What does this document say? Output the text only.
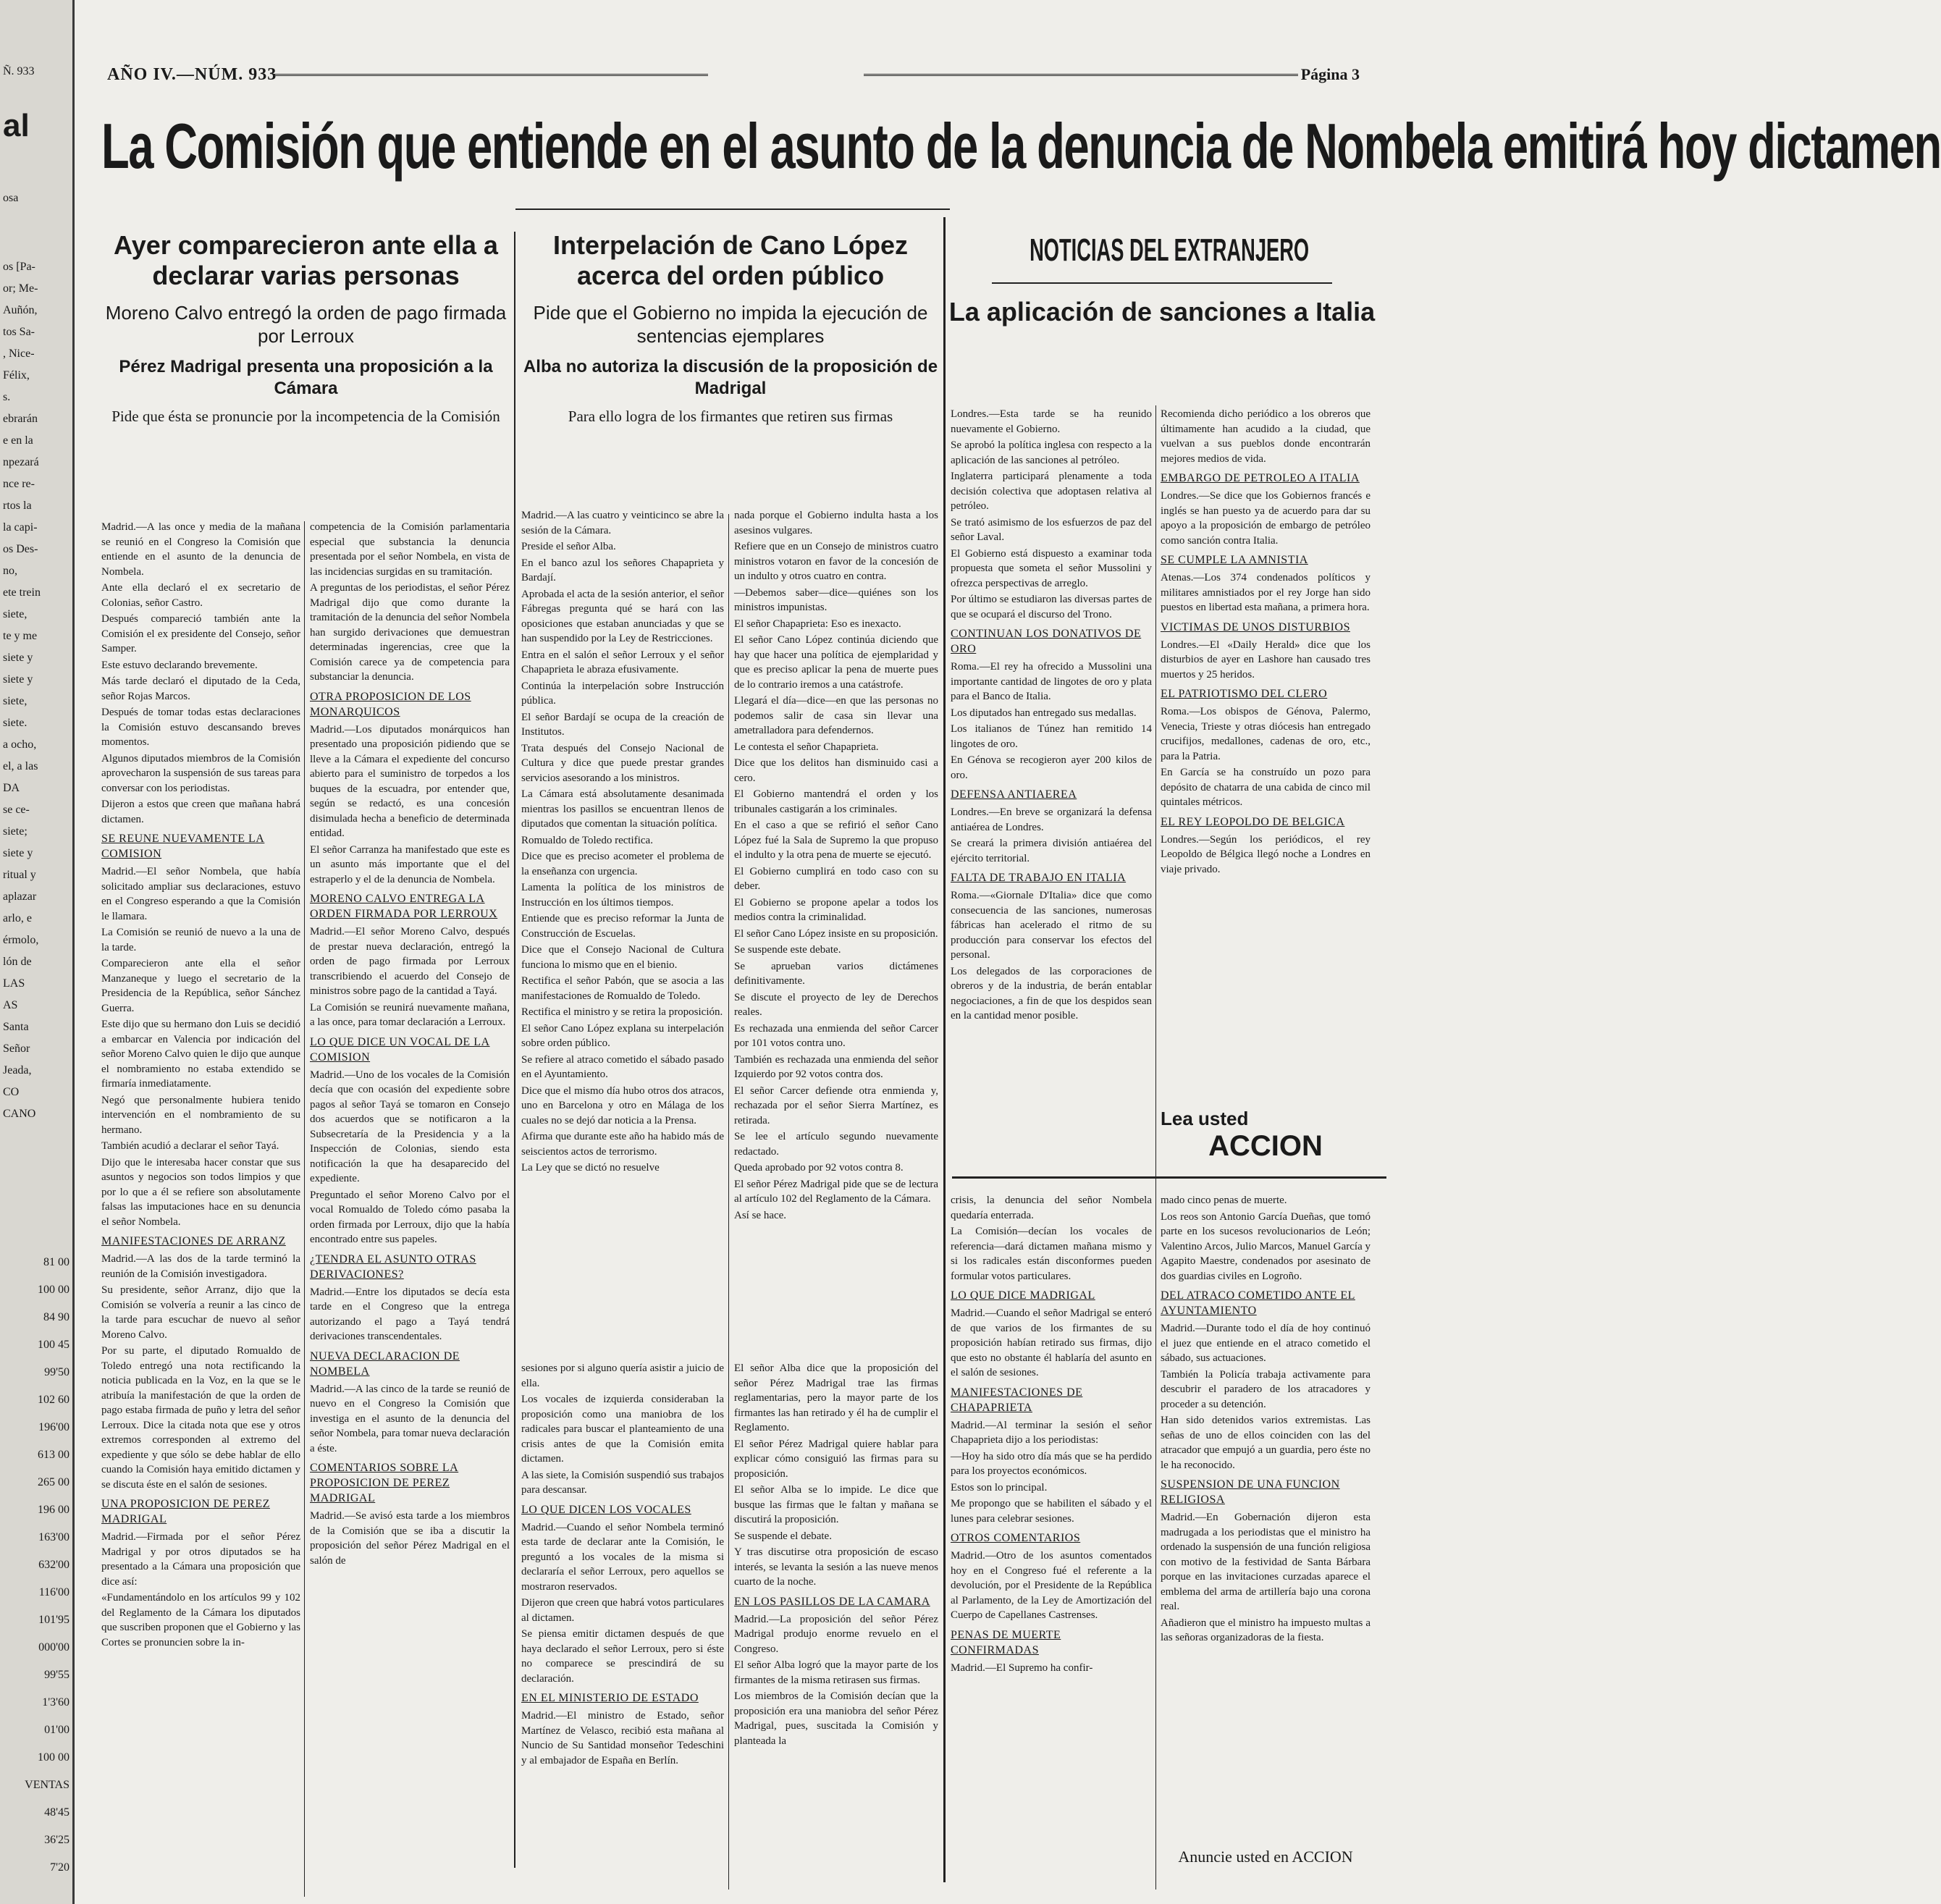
Ñ. 933
al
osa
os [Pa-
or; Me-
Auñón,
tos Sa-
, Nice-
Félix,
s.
ebrarán
e en la
npezará
nce re-
rtos la
la capi-
os Des-
no,
ete trein
siete,
te y me
siete y
siete y
siete,
siete.
a ocho,
el, a las
DA
se ce-
siete;
siete y
ritual y
aplazar
arlo, e
érmolo,
lón de
LAS
AS
Santa
Señor
Jeada,
CO
CANO
81 00
100 00
84 90
100 45
99'50
102 60
196'00
613 00
265 00
196 00
163'00
632'00
116'00
101'95
000'00
99'55
1'3'60
01'00
100 00
VENTAS
48'45
36'25
7'20
AÑO IV.—NÚM. 933	Página 3
La Comisión que entiende en el asunto de la denuncia de Nombela emitirá hoy dictamen
Ayer comparecieron ante ella a declarar varias personas
Moreno Calvo entregó la orden de pago firmada por Lerroux
Pérez Madrigal presenta una proposición a la Cámara
Pide que ésta se pronuncie por la incompetencia de la Comisión

Madrid.—A las once y media de la mañana se reunió en el Congreso la Comisión que entiende en el asunto de la denuncia de Nombela.

Ante ella declaró el ex secretario de Colonias, señor Castro.

Después compareció también ante la Comisión el ex presidente del Consejo, señor Samper.

Este estuvo declarando brevemente.

Más tarde declaró el diputado de la Ceda, señor Rojas Marcos.

Después de tomar todas estas declaraciones la Comisión estuvo descansando breves momentos.

Algunos diputados miembros de la Comisión aprovecharon la suspensión de sus tareas para conversar con los periodistas.

Dijeron a estos que creen que mañana habrá dictamen.

SE REUNE NUEVAMENTE LA COMISION

Madrid.—El señor Nombela, que había solicitado ampliar sus declaraciones, estuvo en el Congreso esperando a que la Comisión le llamara.

La Comisión se reunió de nuevo a la una de la tarde.

Comparecieron ante ella el señor Manzaneque y luego el secretario de la Presidencia de la República, señor Sánchez Guerra.

Este dijo que su hermano don Luis se decidió a embarcar en Valencia por indicación del señor Moreno Calvo quien le dijo que aunque el nombramiento no estaba extendido se firmaría inmediatamente.

Negó que personalmente hubiera tenido intervención en el nombramiento de su hermano.

También acudió a declarar el señor Tayá.

Dijo que le interesaba hacer constar que sus asuntos y negocios son todos limpios y que por lo que a él se refiere son absolutamente falsas las imputaciones hace en su denuncia el señor Nombela.

MANIFESTACIONES DE ARRANZ

Madrid.—A las dos de la tarde terminó la reunión de la Comisión investigadora.

Su presidente, señor Arranz, dijo que la Comisión se volvería a reunir a las cinco de la tarde para escuchar de nuevo al señor Moreno Calvo.

Por su parte, el diputado Romualdo de Toledo entregó una nota rectificando la noticia publicada en la Voz, en la que se le atribuía la manifestación de que la orden de pago estaba firmada de puño y letra del señor Lerroux. Dice la citada nota que ese y otros extremos corresponden al extremo del expediente y que sólo se debe hablar de ello cuando la Comisión haya emitido dictamen y se discuta éste en el salón de sesiones.

UNA PROPOSICION DE PEREZ MADRIGAL

Madrid.—Firmada por el señor Pérez Madrigal y por otros diputados se ha presentado a la Cámara una proposición que dice así:

«Fundamentándolo en los artículos 99 y 102 del Reglamento de la Cámara los diputados que suscriben proponen que el Gobierno y las Cortes se pronuncien sobre la in-

competencia de la Comisión parlamentaria especial que substancia la denuncia presentada por el señor Nombela, en vista de las incidencias surgidas en su tramitación.

A preguntas de los periodistas, el señor Pérez Madrigal dijo que como durante la tramitación de la denuncia del señor Nombela han surgido derivaciones que demuestran determinadas ingerencias, cree que la Comisión carece ya de competencia para substanciar la denuncia.

OTRA PROPOSICION DE LOS MONARQUICOS

Madrid.—Los diputados monárquicos han presentado una proposición pidiendo que se lleve a la Cámara el expediente del concurso abierto para el suministro de torpedos a los buques de la escuadra, por entender que, según se redactó, es una concesión disimulada hecha a beneficio de determinada entidad.

El señor Carranza ha manifestado que este es un asunto más importante que el del estraperlo y el de la denuncia de Nombela.

MORENO CALVO ENTREGA LA ORDEN FIRMADA POR LERROUX

Madrid.—El señor Moreno Calvo, después de prestar nueva declaración, entregó la orden de pago firmada por Lerroux transcribiendo el acuerdo del Consejo de ministros sobre pago de la cantidad a Tayá.

La Comisión se reunirá nuevamente mañana, a las once, para tomar declaración a Lerroux.

LO QUE DICE UN VOCAL DE LA COMISION

Madrid.—Uno de los vocales de la Comisión decía que con ocasión del expediente sobre pagos al señor Tayá se tomaron en Consejo dos acuerdos que se notificaron a la Subsecretaría de la Presidencia y a la Inspección de Colonias, siendo esta notificación la que ha desaparecido del expediente.

Preguntado el señor Moreno Calvo por el vocal Romualdo de Toledo cómo pasaba la orden firmada por Lerroux, dijo que la había encontrado entre sus papeles.

¿TENDRA EL ASUNTO OTRAS DERIVACIONES?

Madrid.—Entre los diputados se decía esta tarde en el Congreso que la entrega autorizando el pago a Tayá tendrá derivaciones transcendentales.

NUEVA DECLARACION DE NOMBELA

Madrid.—A las cinco de la tarde se reunió de nuevo en el Congreso la Comisión que investiga en el asunto de la denuncia del señor Nombela, para tomar nueva declaración a éste.

COMENTARIOS SOBRE LA PROPOSICION DE PEREZ MADRIGAL

Madrid.—Se avisó esta tarde a los miembros de la Comisión que se iba a discutir la proposición del señor Pérez Madrigal en el salón de

Interpelación de Cano López acerca del orden público
Pide que el Gobierno no impida la ejecución de sentencias ejemplares
Alba no autoriza la discusión de la proposición de Madrigal
Para ello logra de los firmantes que retiren sus firmas

Madrid.—A las cuatro y veinticinco se abre la sesión de la Cámara.

Preside el señor Alba.

En el banco azul los señores Chapaprieta y Bardají.

Aprobada el acta de la sesión anterior, el señor Fábregas pregunta qué se hará con las oposiciones que estaban anunciadas y que se han suspendido por la Ley de Restricciones.

Entra en el salón el señor Lerroux y el señor Chapaprieta le abraza efusivamente.

Continúa la interpelación sobre Instrucción pública.

El señor Bardají se ocupa de la creación de Institutos.

Trata después del Consejo Nacional de Cultura y dice que puede prestar grandes servicios asesorando a los ministros.

La Cámara está absolutamente desanimada mientras los pasillos se encuentran llenos de diputados que comentan la situación política.

Romualdo de Toledo rectifica.

Dice que es preciso acometer el problema de la enseñanza con urgencia.

Lamenta la política de los ministros de Instrucción en los últimos tiempos.

Entiende que es preciso reformar la Junta de Construcción de Escuelas.

Dice que el Consejo Nacional de Cultura funciona lo mismo que en el bienio.

Rectifica el señor Pabón, que se asocia a las manifestaciones de Romualdo de Toledo.

Rectifica el ministro y se retira la proposición.

El señor Cano López explana su interpelación sobre orden público.

Se refiere al atraco cometido el sábado pasado en el Ayuntamiento.

Dice que el mismo día hubo otros dos atracos, uno en Barcelona y otro en Málaga de los cuales no se dejó dar noticia a la Prensa.

Afirma que durante este año ha habido más de seiscientos actos de terrorismo.

La Ley que se dictó no resuelve

nada porque el Gobierno indulta hasta a los asesinos vulgares.

Refiere que en un Consejo de ministros cuatro ministros votaron en favor de la concesión de un indulto y otros cuatro en contra.

—Debemos saber—dice—quiénes son los ministros impunistas.

El señor Chapaprieta: Eso es inexacto.

El señor Cano López continúa diciendo que hay que hacer una política de ejemplaridad y que es preciso aplicar la pena de muerte pues de lo contrario iremos a una catástrofe.

Llegará el día—dice—en que las personas no podemos salir de casa sin llevar una ametralladora para defendernos.

Le contesta el señor Chapaprieta.

Dice que los delitos han disminuido casi a cero.

El Gobierno mantendrá el orden y los tribunales castigarán a los criminales.

En el caso a que se refirió el señor Cano López fué la Sala de Supremo la que propuso el indulto y la otra pena de muerte se ejecutó.

El Gobierno cumplirá en todo caso con su deber.

El Gobierno se propone apelar a todos los medios contra la criminalidad.

El señor Cano López insiste en su proposición.

Se suspende este debate.

Se aprueban varios dictámenes definitivamente.

Se discute el proyecto de ley de Derechos reales.

Es rechazada una enmienda del señor Carcer por 101 votos contra uno.

También es rechazada una enmienda del señor Izquierdo por 92 votos contra dos.

El señor Carcer defiende otra enmienda y, rechazada por el señor Sierra Martínez, es retirada.

Se lee el artículo segundo nuevamente redactado.

Queda aprobado por 92 votos contra 8.

El señor Pérez Madrigal pide que se de lectura al artículo 102 del Reglamento de la Cámara.

Así se hace.

sesiones por si alguno quería asistir a juicio de ella.

Los vocales de izquierda consideraban la proposición como una maniobra de los radicales para buscar el planteamiento de una crisis antes de que la Comisión emita dictamen.

A las siete, la Comisión suspendió sus trabajos para descansar.

LO QUE DICEN LOS VOCALES

Madrid.—Cuando el señor Nombela terminó esta tarde de declarar ante la Comisión, le preguntó a los vocales de la misma si declararía el señor Lerroux, pero aquellos se mostraron reservados.

Dijeron que creen que habrá votos particulares al dictamen.

Se piensa emitir dictamen después de que haya declarado el señor Lerroux, pero si éste no comparece se prescindirá de su declaración.

EN EL MINISTERIO DE ESTADO

Madrid.—El ministro de Estado, señor Martínez de Velasco, recibió esta mañana al Nuncio de Su Santidad monseñor Tedeschini y al embajador de España en Berlín.

El señor Alba dice que la proposición del señor Pérez Madrigal trae las firmas reglamentarias, pero la mayor parte de los firmantes las han retirado y él ha de cumplir el Reglamento.

El señor Pérez Madrigal quiere hablar para explicar cómo consiguió las firmas para su proposición.

El señor Alba se lo impide. Le dice que busque las firmas que le faltan y mañana se discutirá la proposición.

Se suspende el debate.

Y tras discutirse otra proposición de escaso interés, se levanta la sesión a las nueve menos cuarto de la noche.

EN LOS PASILLOS DE LA CAMARA

Madrid.—La proposición del señor Pérez Madrigal produjo enorme revuelo en el Congreso.

El señor Alba logró que la mayor parte de los firmantes de la misma retirasen sus firmas.

Los miembros de la Comisión decían que la proposición era una maniobra del señor Pérez Madrigal, pues, suscitada la Comisión y planteada la

NOTICIAS DEL EXTRANJERO
La aplicación de sanciones a Italia

Londres.—Esta tarde se ha reunido nuevamente el Gobierno.

Se aprobó la política inglesa con respecto a la aplicación de las sanciones al petróleo.

Inglaterra participará plenamente a toda decisión colectiva que adoptasen relativa al petróleo.

Se trató asimismo de los esfuerzos de paz del señor Laval.

El Gobierno está dispuesto a examinar toda propuesta que someta el señor Mussolini y ofrezca perspectivas de arreglo.

Por último se estudiaron las diversas partes de que se ocupará el discurso del Trono.

CONTINUAN LOS DONATIVOS DE ORO

Roma.—El rey ha ofrecido a Mussolini una importante cantidad de lingotes de oro y plata para el Banco de Italia.

Los diputados han entregado sus medallas.

Los italianos de Túnez han remitido 14 lingotes de oro.

En Génova se recogieron ayer 200 kilos de oro.

DEFENSA ANTIAEREA

Londres.—En breve se organizará la defensa antiaérea de Londres.

Se creará la primera división antiaérea del ejército territorial.

FALTA DE TRABAJO EN ITALIA

Roma.—«Giornale D'Italia» dice que como consecuencia de las sanciones, numerosas fábricas han acelerado el ritmo de su producción para conservar los efectos del personal.

Los delegados de las corporaciones de obreros y de la industria, de berán entablar negociaciones, a fin de que los despidos sean en la cantidad menor posible.

Recomienda dicho periódico a los obreros que últimamente han acudido a la ciudad, que vuelvan a sus pueblos donde encontrarán mejores medios de vida.

EMBARGO DE PETROLEO A ITALIA

Londres.—Se dice que los Gobiernos francés e inglés se han puesto ya de acuerdo para dar su apoyo a la proposición de embargo de petróleo como sanción contra Italia.

SE CUMPLE LA AMNISTIA

Atenas.—Los 374 condenados políticos y militares amnistiados por el rey Jorge han sido puestos en libertad esta mañana, a primera hora.

VICTIMAS DE UNOS DISTURBIOS

Londres.—El «Daily Herald» dice que los disturbios de ayer en Lashore han causado tres muertos y 25 heridos.

EL PATRIOTISMO DEL CLERO

Roma.—Los obispos de Génova, Palermo, Venecia, Trieste y otras diócesis han entregado crucifijos, medallones, cadenas de oro, etc., para la Patria.

En García se ha construído un pozo para depósito de chatarra de una cabida de cinco mil quintales métricos.

EL REY LEOPOLDO DE BELGICA

Londres.—Según los periódicos, el rey Leopoldo de Bélgica llegó noche a Londres en viaje privado.

Lea usted
ACCION

crisis, la denuncia del señor Nombela quedaría enterrada.

La Comisión—decían los vocales de referencia—dará dictamen mañana mismo y si los radicales están disconformes pueden formular votos particulares.

LO QUE DICE MADRIGAL

Madrid.—Cuando el señor Madrigal se enteró de que varios de los firmantes de su proposición habían retirado sus firmas, dijo que esto no obstante él hablaría del asunto en el salón de sesiones.

MANIFESTACIONES DE CHAPAPRIETA

Madrid.—Al terminar la sesión el señor Chapaprieta dijo a los periodistas:

—Hoy ha sido otro día más que se ha perdido para los proyectos económicos.

Estos son lo principal.

Me propongo que se habiliten el sábado y el lunes para celebrar sesiones.

OTROS COMENTARIOS

Madrid.—Otro de los asuntos comentados hoy en el Congreso fué el referente a la devolución, por el Presidente de la República al Parlamento, de la Ley de Amortización del Cuerpo de Capellanes Castrenses.

PENAS DE MUERTE CONFIRMADAS

Madrid.—El Supremo ha confir-

mado cinco penas de muerte.

Los reos son Antonio García Dueñas, que tomó parte en los sucesos revolucionarios de León; Valentino Arcos, Julio Marcos, Manuel García y Agapito Maestre, condenados por asesinato de dos guardias civiles en Logroño.

DEL ATRACO COMETIDO ANTE EL AYUNTAMIENTO

Madrid.—Durante todo el día de hoy continuó el juez que entiende en el atraco cometido el sábado, sus actuaciones.

También la Policía trabaja activamente para descubrir el paradero de los atracadores y proceder a su detención.

Han sido detenidos varios extremistas. Las señas de uno de ellos coinciden con las del atracador que empujó a un guardia, pero éste no le ha reconocido.

SUSPENSION DE UNA FUNCION RELIGIOSA

Madrid.—En Gobernación dijeron esta madrugada a los periodistas que el ministro ha ordenado la suspensión de una función religiosa con motivo de la festividad de Santa Bárbara porque en las invitaciones curzadas aparece el emblema del arma de artillería bajo una corona real.

Añadieron que el ministro ha impuesto multas a las señoras organizadoras de la fiesta.

Anuncie usted en ACCION
